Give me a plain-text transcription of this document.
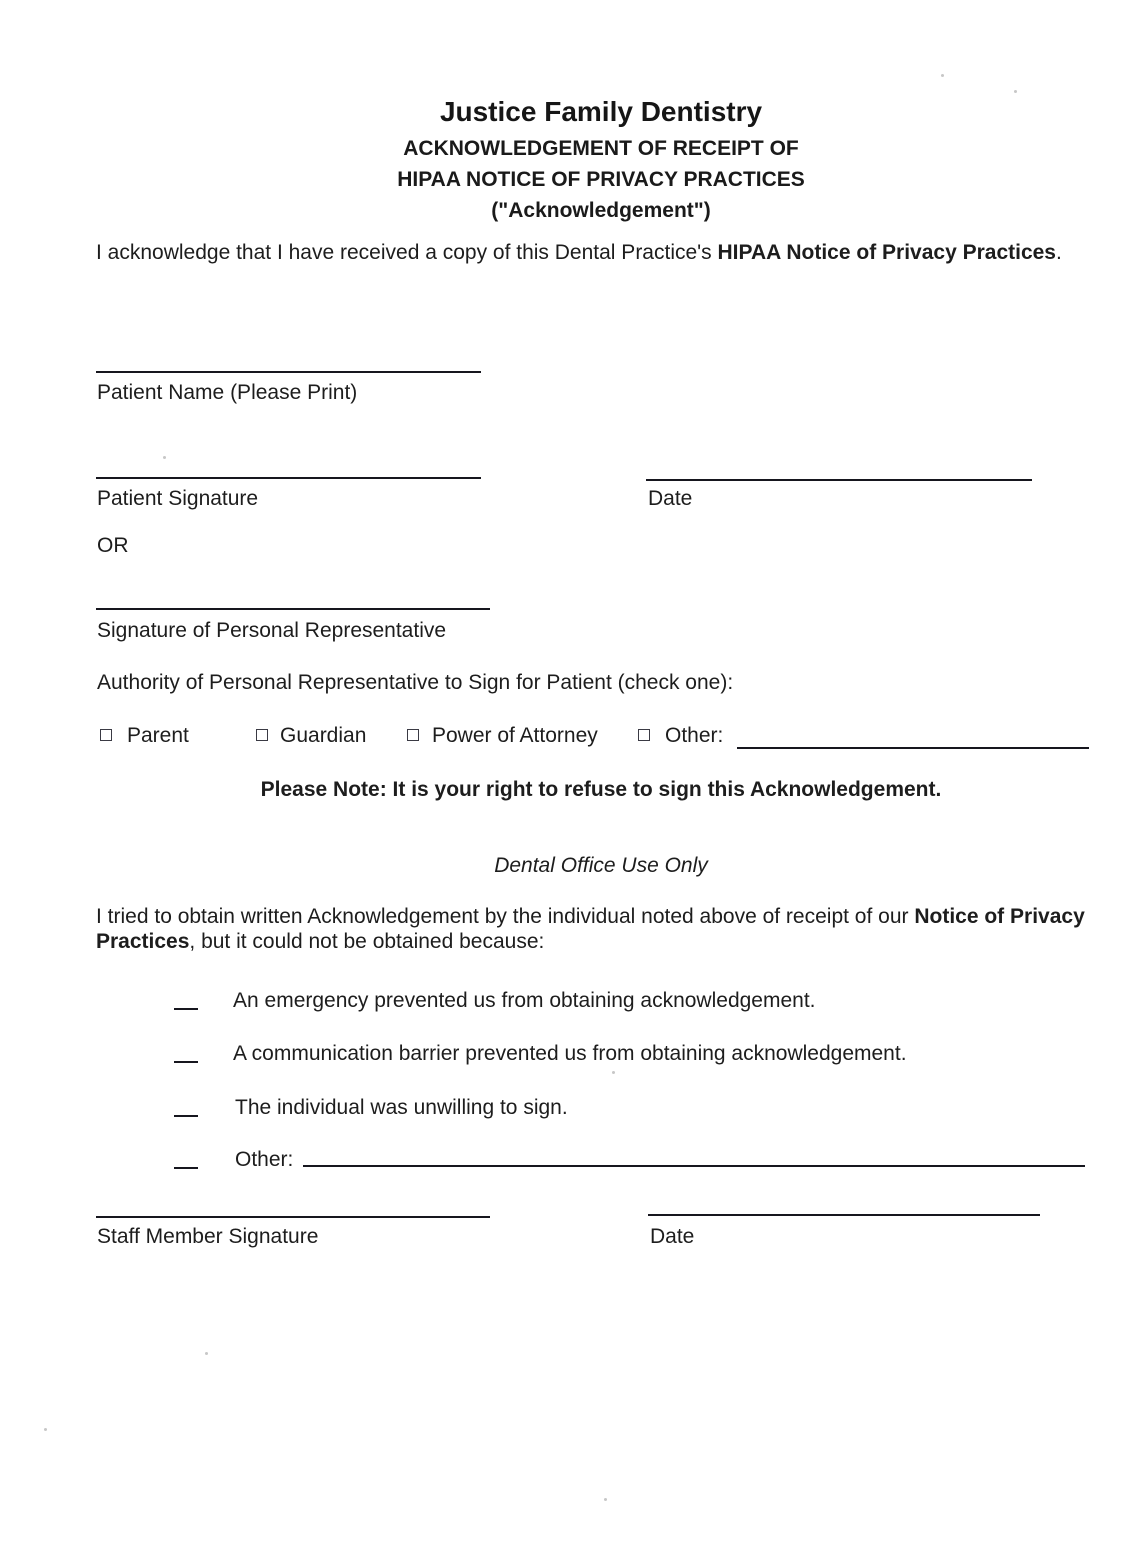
Justice Family Dentistry
ACKNOWLEDGEMENT OF RECEIPT OF
HIPAA NOTICE OF PRIVACY PRACTICES
("Acknowledgement")

I acknowledge that I have received a copy of this Dental Practice's HIPAA Notice of Privacy Practices.

Patient Name (Please Print)
Patient Signature	Date
OR
Signature of Personal Representative
Authority of Personal Representative to Sign for Patient (check one):
Parent	Guardian	Power of Attorney	Other:
Please Note: It is your right to refuse to sign this Acknowledgement.
Dental Office Use Only

I tried to obtain written Acknowledgement by the individual noted above of receipt of our Notice of Privacy Practices, but it could not be obtained because:

An emergency prevented us from obtaining acknowledgement.
A communication barrier prevented us from obtaining acknowledgement.
The individual was unwilling to sign.
Other:
Staff Member Signature	Date
